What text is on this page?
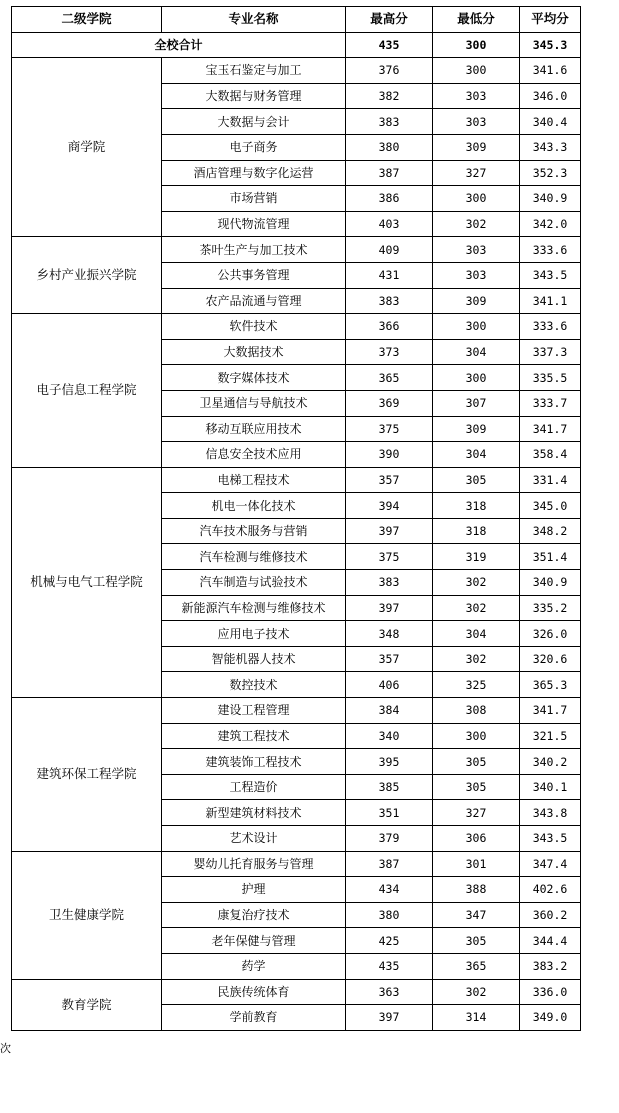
二级学院	专业名称	最高分	最低分	平均分
全校合计		435	300	345.3
商学院	宝玉石鉴定与加工	376	300	341.6
	大数据与财务管理	382	303	346.0
	大数据与会计	383	303	340.4
	电子商务	380	309	343.3
	酒店管理与数字化运营	387	327	352.3
	市场营销	386	300	340.9
	现代物流管理	403	302	342.0
乡村产业振兴学院	茶叶生产与加工技术	409	303	333.6
	公共事务管理	431	303	343.5
	农产品流通与管理	383	309	341.1
电子信息工程学院	软件技术	366	300	333.6
	大数据技术	373	304	337.3
	数字媒体技术	365	300	335.5
	卫星通信与导航技术	369	307	333.7
	移动互联应用技术	375	309	341.7
	信息安全技术应用	390	304	358.4
机械与电气工程学院	电梯工程技术	357	305	331.4
	机电一体化技术	394	318	345.0
	汽车技术服务与营销	397	318	348.2
	汽车检测与维修技术	375	319	351.4
	汽车制造与试验技术	383	302	340.9
	新能源汽车检测与维修技术	397	302	335.2
	应用电子技术	348	304	326.0
	智能机器人技术	357	302	320.6
	数控技术	406	325	365.3
建筑环保工程学院	建设工程管理	384	308	341.7
	建筑工程技术	340	300	321.5
	建筑装饰工程技术	395	305	340.2
	工程造价	385	305	340.1
	新型建筑材料技术	351	327	343.8
	艺术设计	379	306	343.5
卫生健康学院	婴幼儿托育服务与管理	387	301	347.4
	护理	434	388	402.6
	康复治疗技术	380	347	360.2
	老年保健与管理	425	305	344.4
	药学	435	365	383.2
教育学院	民族传统体育	363	302	336.0
	学前教育	397	314	349.0
次
